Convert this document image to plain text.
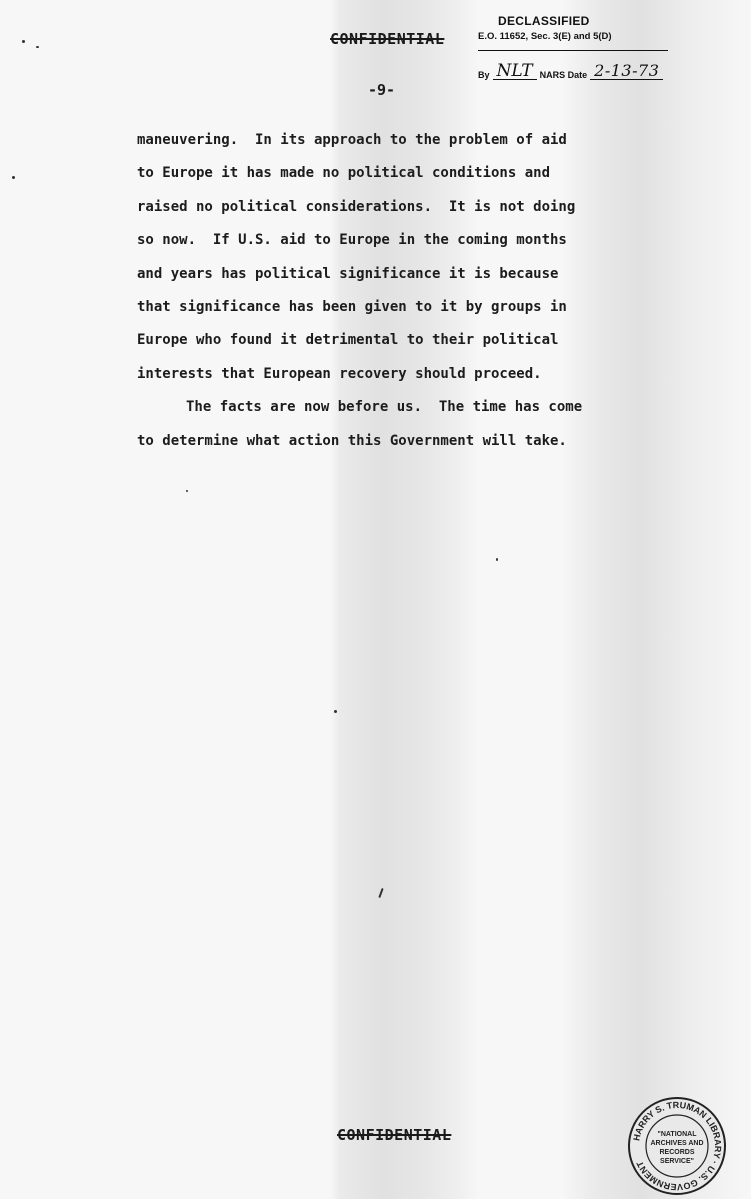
CONFIDENTIAL
-9-
DECLASSIFIED
E.O. 11652, Sec. 3(E) and 5(D)
By NLT NARS Date 2-13-73

maneuvering.  In its approach to the problem of aid

to Europe it has made no political conditions and

raised no political considerations.  It is not doing

so now.  If U.S. aid to Europe in the coming months

and years has political significance it is because

that significance has been given to it by groups in

Europe who found it detrimental to their political

interests that European recovery should proceed.

The facts are now before us.  The time has come

to determine what action this Government will take.

CONFIDENTIAL	HARRY S. TRUMAN LIBRARY · U.S. GOVERNMENT
"NATIONAL
ARCHIVES AND
RECORDS
SERVICE"
